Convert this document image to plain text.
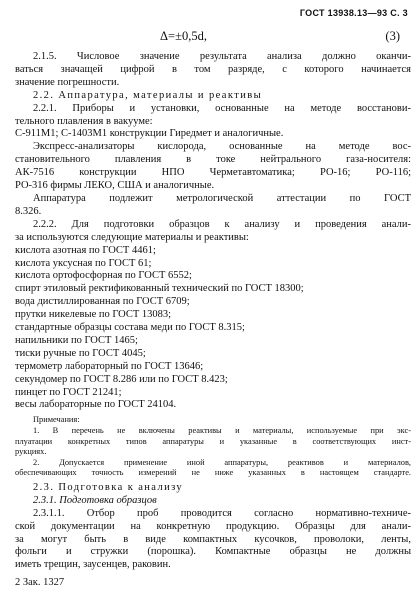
ГОСТ 13938.13—93 С. 3
Δ=±0,5d,	(3)
2.1.5. Числовое значение результата анализа должно оканчи-
ваться значащей цифрой в том разряде, с которого начинается
значение погрешности.
2.2. Аппаратура, материалы и реактивы
2.2.1. Приборы и установки, основанные на методе восстанови-
тельного плавления в вакууме:
С-911М1; С-1403М1 конструкции Гиредмет и аналогичные.
Экспресс-анализаторы кислорода, основанные на методе вос-
становительного плавления в токе нейтрального газа-носителя:
АК-7516 конструкции НПО Черметавтоматика; РО-16; РО-116;
РО-316 фирмы ЛЕКО, США и аналогичные.
Аппаратура подлежит метрологической аттестации по ГОСТ
8.326.
2.2.2. Для подготовки образцов к анализу и проведения анали-
за используются следующие материалы и реактивы:
кислота азотная по ГОСТ 4461;
кислота уксусная по ГОСТ 61;
кислота ортофосфорная по ГОСТ 6552;
спирт этиловый ректификованный технический по ГОСТ 18300;
вода дистиллированная по ГОСТ 6709;
прутки никелевые по ГОСТ 13083;
стандартные образцы состава меди по ГОСТ 8.315;
напильники по ГОСТ 1465;
тиски ручные по ГОСТ 4045;
термометр лабораторный по ГОСТ 13646;
секундомер по ГОСТ 8.286 или по ГОСТ 8.423;
пинцет по ГОСТ 21241;
весы лабораторные по ГОСТ 24104.
Примечания:
1. В перечень не включены реактивы и материалы, используемые при экс-
плуатации конкретных типов аппаратуры и указанные в соответствующих инст-
рукциях.
2. Допускается применение иной аппаратуры, реактивов и материалов,
обеспечивающих точность измерений не ниже указанных в настоящем стандарте.
2.3. Подготовка к анализу
2.3.1. Подготовка образцов
2.3.1.1. Отбор проб проводится согласно нормативно-техниче-
ской документации на конкретную продукцию. Образцы для анали-
за могут быть в виде компактных кусочков, проволоки, ленты,
фольги и стружки (порошка). Компактные образцы не должны
иметь трещин, заусенцев, раковин.
2 Зак. 1327
